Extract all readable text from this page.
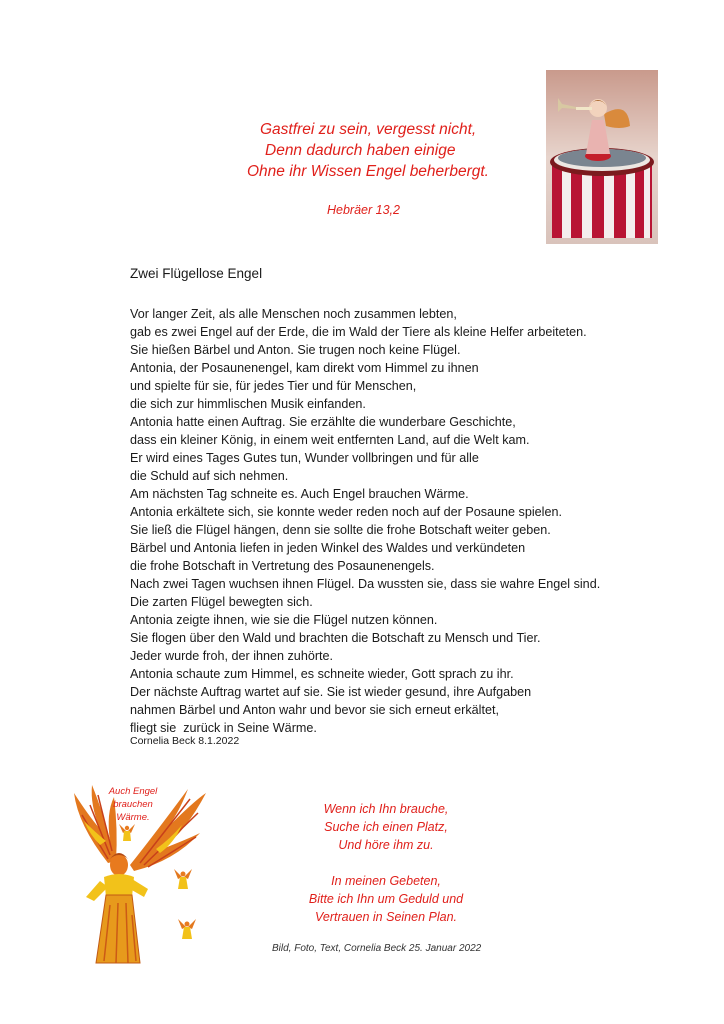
Gastfrei zu sein, vergesst nicht,
Denn dadurch haben einige
Ohne ihr Wissen Engel beherbergt.
Hebräer 13,2
Zwei Flügellose Engel
Vor langer Zeit, als alle Menschen noch zusammen lebten,
gab es zwei Engel auf der Erde, die im Wald der Tiere als kleine Helfer arbeiteten.
Sie hießen Bärbel und Anton. Sie trugen noch keine Flügel.
Antonia, der Posaunenengel, kam direkt vom Himmel zu ihnen
und spielte für sie, für jedes Tier und für Menschen,
die sich zur himmlischen Musik einfanden.
Antonia hatte einen Auftrag. Sie erzählte die wunderbare Geschichte,
dass ein kleiner König, in einem weit entfernten Land, auf die Welt kam.
Er wird eines Tages Gutes tun, Wunder vollbringen und für alle
die Schuld auf sich nehmen.
Am nächsten Tag schneite es. Auch Engel brauchen Wärme.
Antonia erkältete sich, sie konnte weder reden noch auf der Posaune spielen.
Sie ließ die Flügel hängen, denn sie sollte die frohe Botschaft weiter geben.
Bärbel und Antonia liefen in jeden Winkel des Waldes und verkündeten
die frohe Botschaft in Vertretung des Posaunenengels.
Nach zwei Tagen wuchsen ihnen Flügel. Da wussten sie, dass sie wahre Engel sind.
Die zarten Flügel bewegten sich.
Antonia zeigte ihnen, wie sie die Flügel nutzen können.
Sie flogen über den Wald und brachten die Botschaft zu Mensch und Tier.
Jeder wurde froh, der ihnen zuhörte.
Antonia schaute zum Himmel, es schneite wieder, Gott sprach zu ihr.
Der nächste Auftrag wartet auf sie. Sie ist wieder gesund, ihre Aufgaben
nahmen Bärbel und Anton wahr und bevor sie sich erneut erkältet,
fliegt sie  zurück in Seine Wärme.
Cornelia Beck 8.1.2022
Auch Engel
brauchen
Wärme.
Wenn ich Ihn brauche,
Suche ich einen Platz,
Und höre ihm zu.
In meinen Gebeten,
Bitte ich Ihn um Geduld und
Vertrauen in Seinen Plan.
Bild, Foto, Text, Cornelia Beck 25. Januar 2022
